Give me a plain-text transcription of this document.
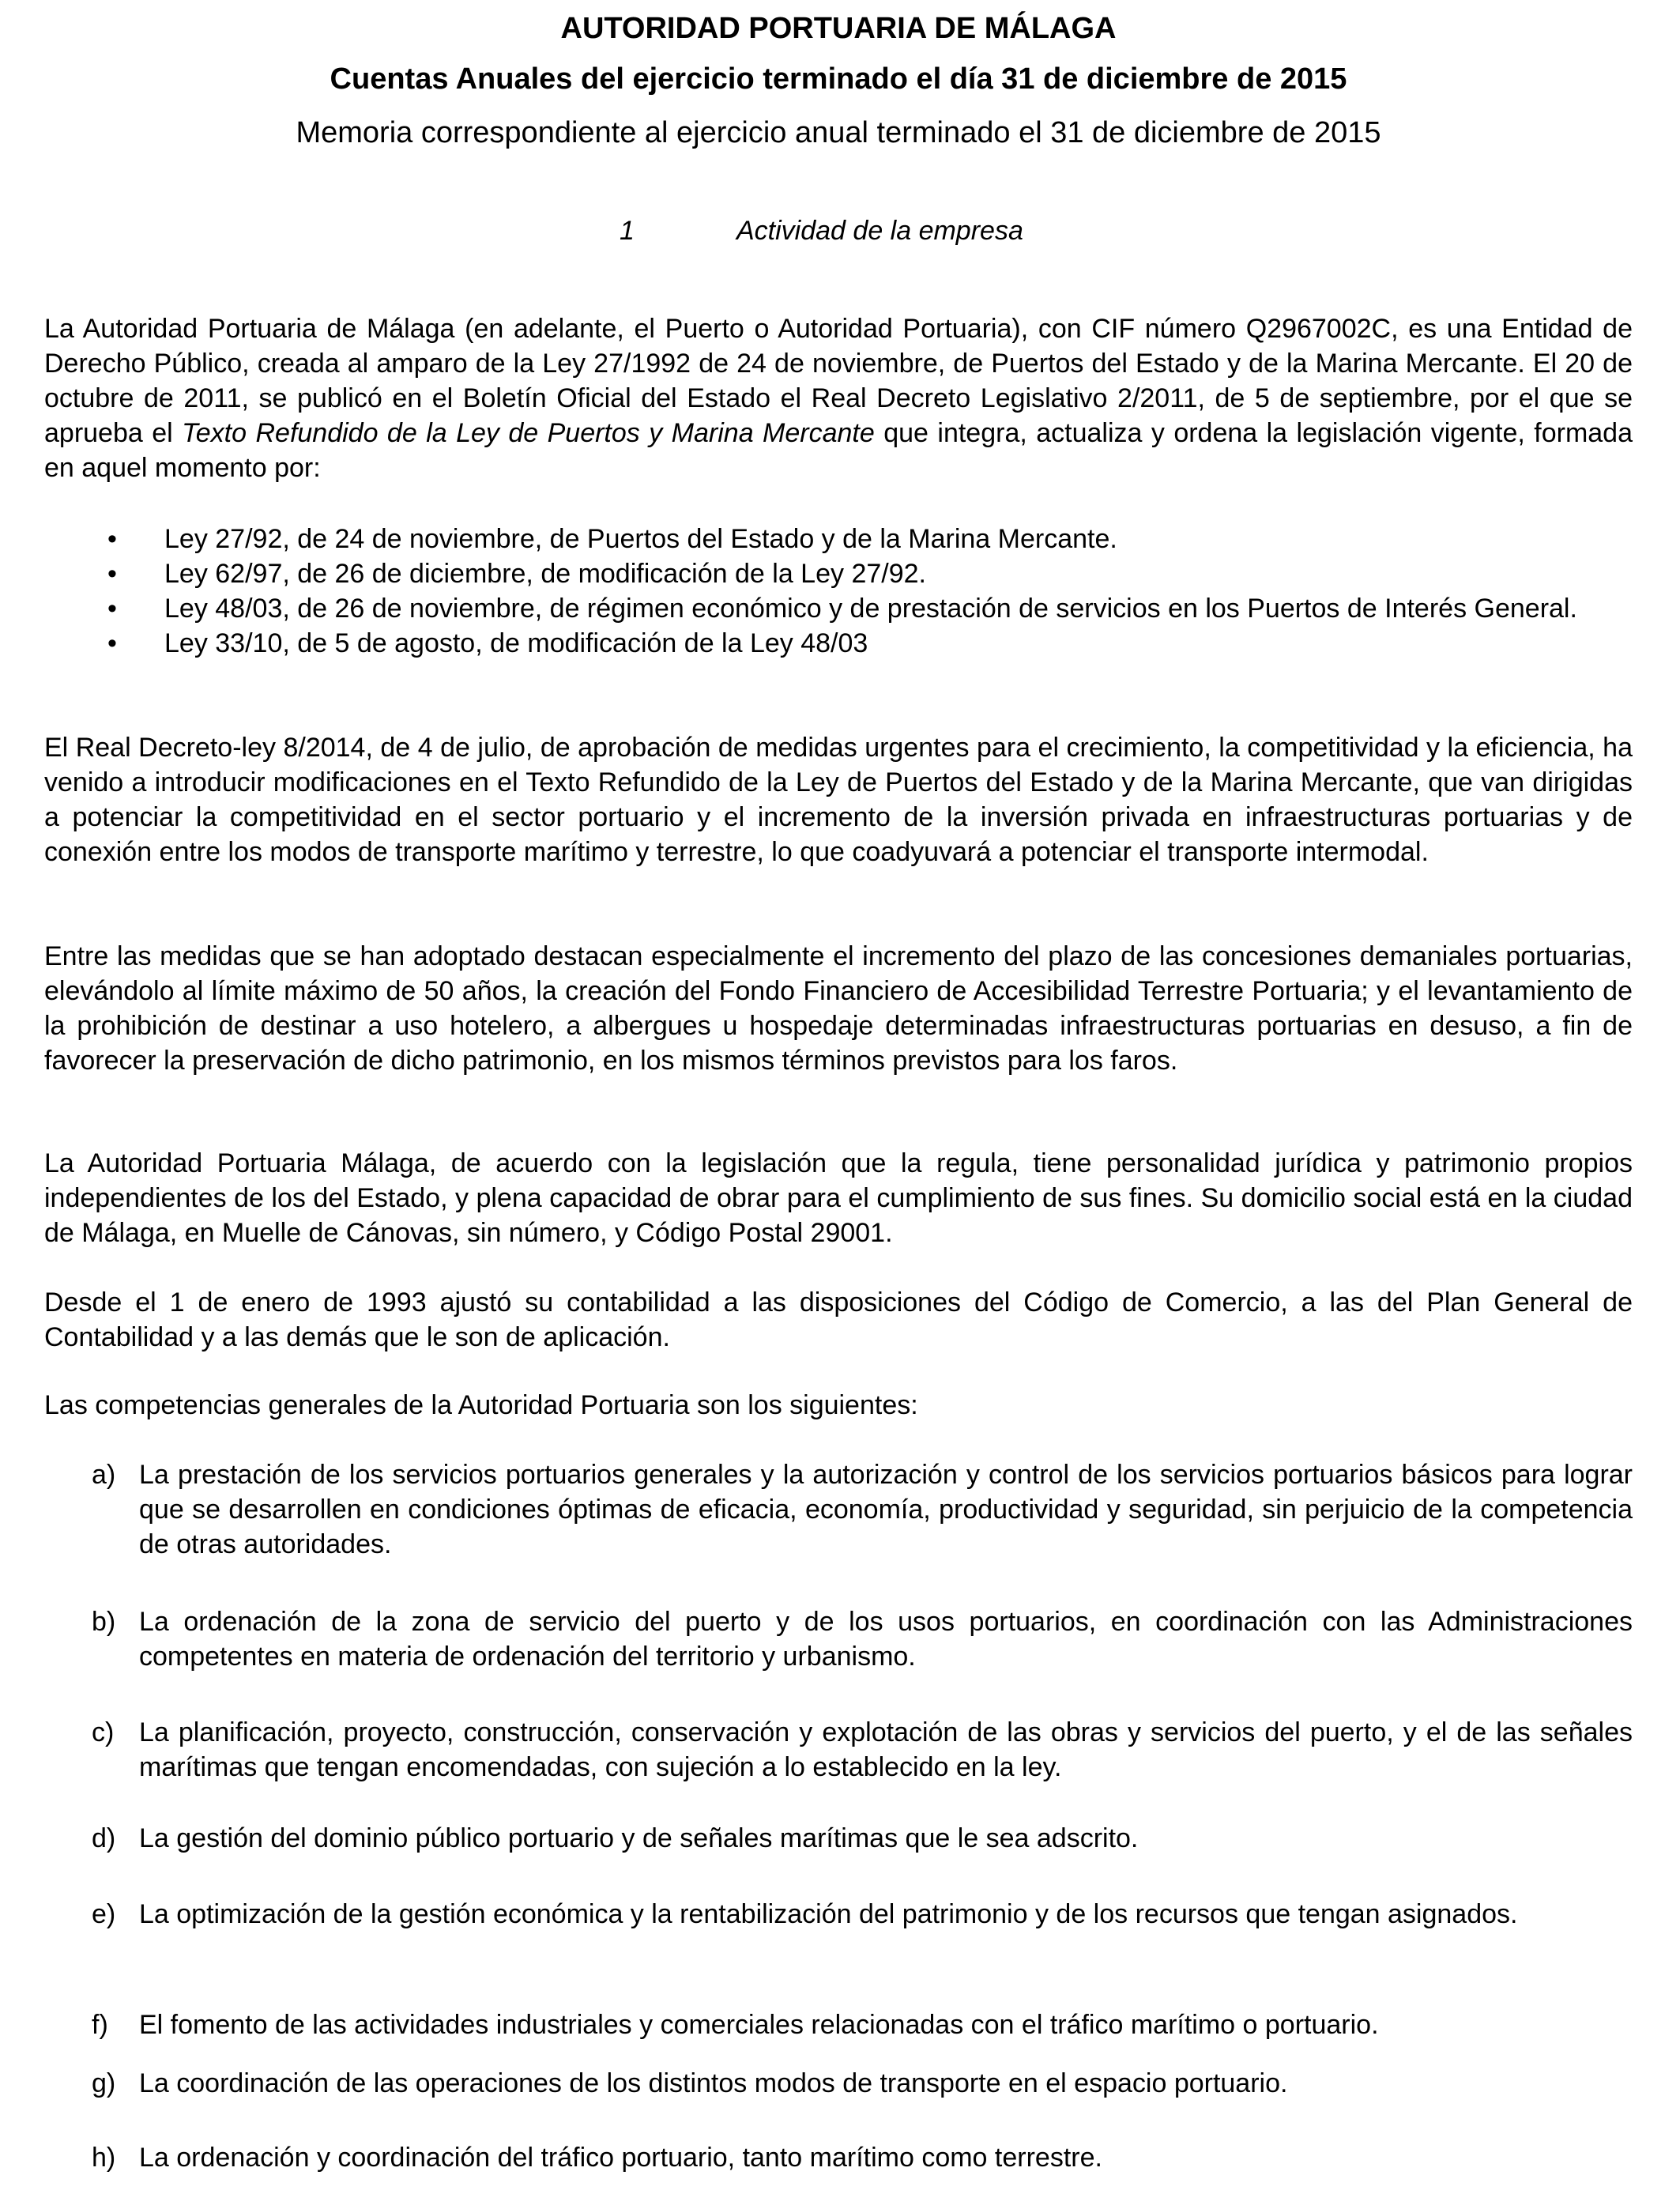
AUTORIDAD PORTUARIA DE MÁLAGA
Cuentas Anuales del ejercicio terminado el día 31 de diciembre de 2015
Memoria correspondiente al ejercicio anual terminado el 31 de diciembre de 2015
1	Actividad de la empresa

La Autoridad Portuaria de Málaga (en adelante, el Puerto o Autoridad Portuaria), con CIF número Q2967002C, es una Entidad de Derecho Público, creada al amparo de la Ley 27/1992 de 24 de noviembre, de Puertos del Estado y de la Marina Mercante. El 20 de octubre de 2011, se publicó en el Boletín Oficial del Estado el Real Decreto Legislativo 2/2011, de 5 de septiembre, por el que se aprueba el Texto Refundido de la Ley de Puertos y Marina Mercante que integra, actualiza y ordena la legislación vigente, formada en aquel momento por:

• Ley 27/92, de 24 de noviembre, de Puertos del Estado y de la Marina Mercante.
• Ley 62/97, de 26 de diciembre, de modificación de la Ley 27/92.
• Ley 48/03, de 26 de noviembre, de régimen económico y de prestación de servicios en los Puertos de Interés General.
• Ley 33/10, de 5 de agosto, de modificación de la Ley 48/03

El Real Decreto-ley 8/2014, de 4 de julio, de aprobación de medidas urgentes para el crecimiento, la competitividad y la eficiencia, ha venido a introducir modificaciones en el Texto Refundido de la Ley de Puertos del Estado y de la Marina Mercante, que van dirigidas a potenciar la competitividad en el sector portuario y el incremento de la inversión privada en infraestructuras portuarias y de conexión entre los modos de transporte marítimo y terrestre, lo que coadyuvará a potenciar el transporte intermodal.

Entre las medidas que se han adoptado destacan especialmente el incremento del plazo de las concesiones demaniales portuarias, elevándolo al límite máximo de 50 años, la creación del Fondo Financiero de Accesibilidad Terrestre Portuaria; y el levantamiento de la prohibición de destinar a uso hotelero, a albergues u hospedaje determinadas infraestructuras portuarias en desuso, a fin de favorecer la preservación de dicho patrimonio, en los mismos términos previstos para los faros.

La Autoridad Portuaria Málaga, de acuerdo con la legislación que la regula, tiene personalidad jurídica y patrimonio propios independientes de los del Estado, y plena capacidad de obrar para el cumplimiento de sus fines. Su domicilio social está en la ciudad de Málaga, en Muelle de Cánovas, sin número, y Código Postal 29001.

Desde el 1 de enero de 1993 ajustó su contabilidad a las disposiciones del Código de Comercio, a las del Plan General de Contabilidad y a las demás que le son de aplicación.

Las competencias generales de la Autoridad Portuaria son los siguientes:

a) La prestación de los servicios portuarios generales y la autorización y control de los servicios portuarios básicos para lograr que se desarrollen en condiciones óptimas de eficacia, economía, productividad y seguridad, sin perjuicio de la competencia de otras autoridades.
b) La ordenación de la zona de servicio del puerto y de los usos portuarios, en coordinación con las Administraciones competentes en materia de ordenación del territorio y urbanismo.
c) La planificación, proyecto, construcción, conservación y explotación de las obras y servicios del puerto, y el de las señales marítimas que tengan encomendadas, con sujeción a lo establecido en la ley.
d) La gestión del dominio público portuario y de señales marítimas que le sea adscrito.
e) La optimización de la gestión económica y la rentabilización del patrimonio y de los recursos que tengan asignados.
f) El fomento de las actividades industriales y comerciales relacionadas con el tráfico marítimo o portuario.
g) La coordinación de las operaciones de los distintos modos de transporte en el espacio portuario.
h) La ordenación y coordinación del tráfico portuario, tanto marítimo como terrestre.
